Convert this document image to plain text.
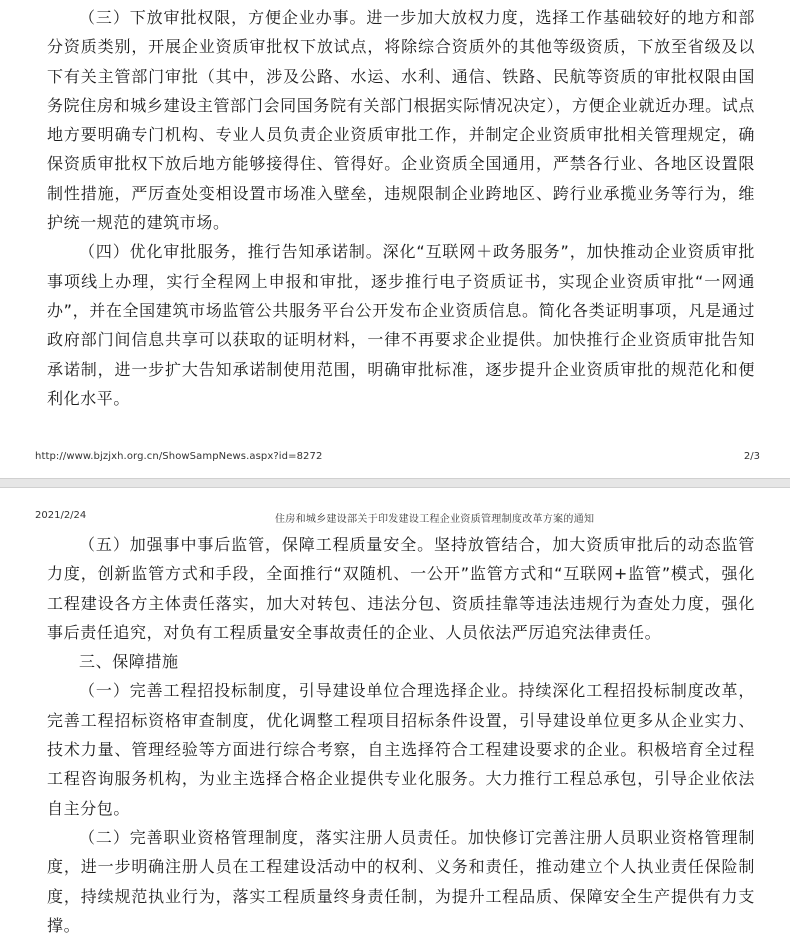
（三）下放审批权限，方便企业办事。进一步加大放权力度，选择工作基础较好的地方和部分资质类别，开展企业资质审批权下放试点，将除综合资质外的其他等级资质，下放至省级及以下有关主管部门审批（其中，涉及公路、水运、水利、通信、铁路、民航等资质的审批权限由国务院住房和城乡建设主管部门会同国务院有关部门根据实际情况决定），方便企业就近办理。试点地方要明确专门机构、专业人员负责企业资质审批工作，并制定企业资质审批相关管理规定，确保资质审批权下放后地方能够接得住、管得好。企业资质全国通用，严禁各行业、各地区设置限制性措施，严厉查处变相设置市场准入壁垒，违规限制企业跨地区、跨行业承揽业务等行为，维护统一规范的建筑市场。

（四）优化审批服务，推行告知承诺制。深化“互联网＋政务服务”，加快推动企业资质审批事项线上办理，实行全程网上申报和审批，逐步推行电子资质证书，实现企业资质审批“一网通办”，并在全国建筑市场监管公共服务平台公开发布企业资质信息。简化各类证明事项，凡是通过政府部门间信息共享可以获取的证明材料，一律不再要求企业提供。加快推行企业资质审批告知承诺制，进一步扩大告知承诺制使用范围，明确审批标准，逐步提升企业资质审批的规范化和便利化水平。

http://www.bjzjxh.org.cn/ShowSampNews.aspx?id=8272	2/3
2021/2/24	住房和城乡建设部关于印发建设工程企业资质管理制度改革方案的通知

（五）加强事中事后监管，保障工程质量安全。坚持放管结合，加大资质审批后的动态监管力度，创新监管方式和手段，全面推行“双随机、一公开”监管方式和“互联网+监管”模式，强化工程建设各方主体责任落实，加大对转包、违法分包、资质挂靠等违法违规行为查处力度，强化事后责任追究，对负有工程质量安全事故责任的企业、人员依法严厉追究法律责任。

三、保障措施

（一）完善工程招投标制度，引导建设单位合理选择企业。持续深化工程招投标制度改革，完善工程招标资格审查制度，优化调整工程项目招标条件设置，引导建设单位更多从企业实力、技术力量、管理经验等方面进行综合考察，自主选择符合工程建设要求的企业。积极培育全过程工程咨询服务机构，为业主选择合格企业提供专业化服务。大力推行工程总承包，引导企业依法自主分包。

（二）完善职业资格管理制度，落实注册人员责任。加快修订完善注册人员职业资格管理制度，进一步明确注册人员在工程建设活动中的权利、义务和责任，推动建立个人执业责任保险制度，持续规范执业行为，落实工程质量终身责任制，为提升工程品质、保障安全生产提供有力支撑。
